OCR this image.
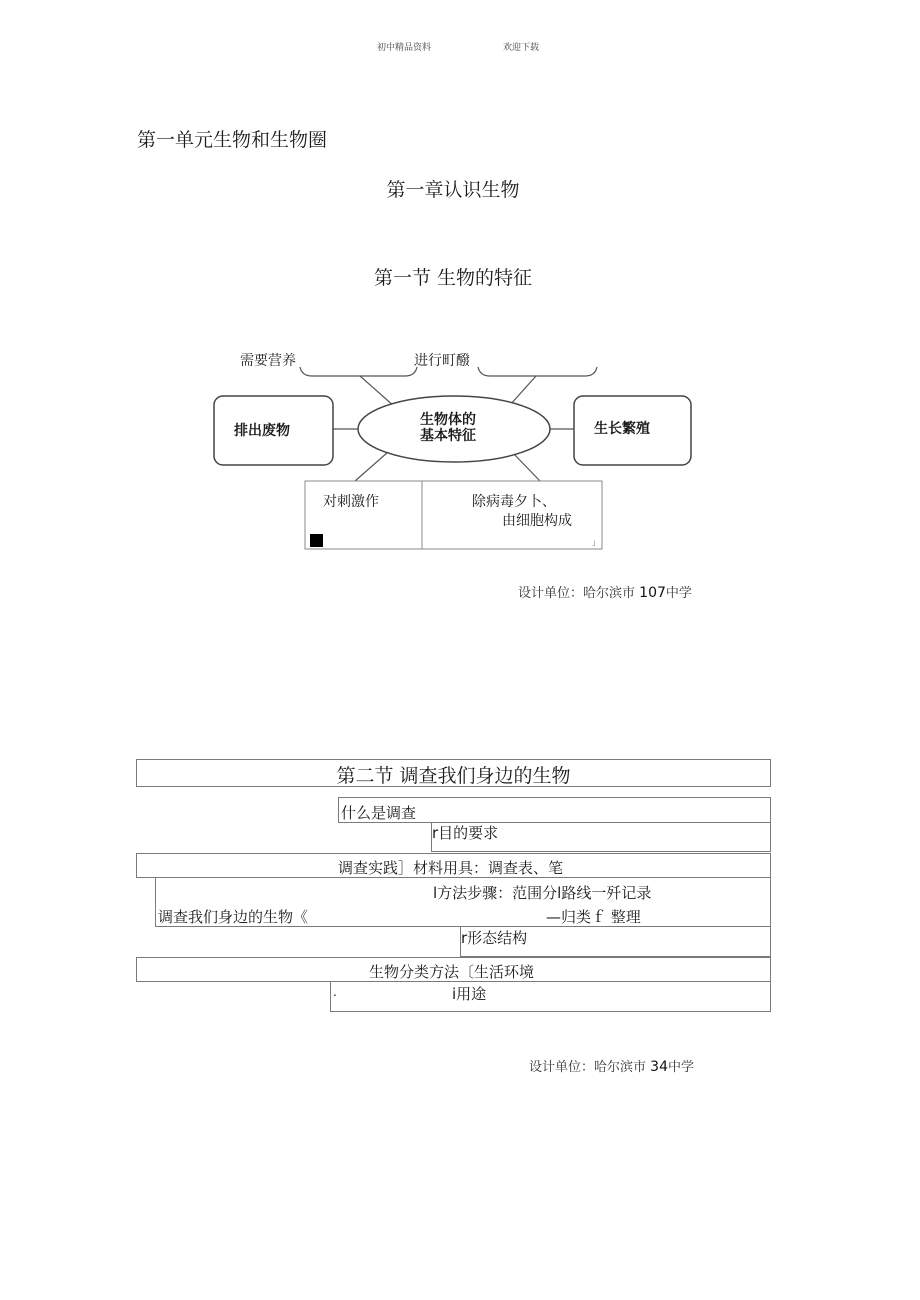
初中精品资料	欢迎下载
第一单元生物和生物圈
第一章认识生物
第一节 生物的特征
需要营养	进行町醱
排出废物	生长繁殖
生物体的
基本特征
对刺激作	除病毒夕卜、
由细胞构成
」
设计单位：哈尔滨市 107中学
第二节 调查我们身边的生物
什么是调查
r目的要求
调查实践］材料用具：调查表、笔
l方法步骤：范围分l路线一歼记录
调查我们身边的生物《	—归类ｆ 整理
r形态结构
生物分类方法〔生活环境
.	i用途
设计单位：哈尔滨市 34中学
